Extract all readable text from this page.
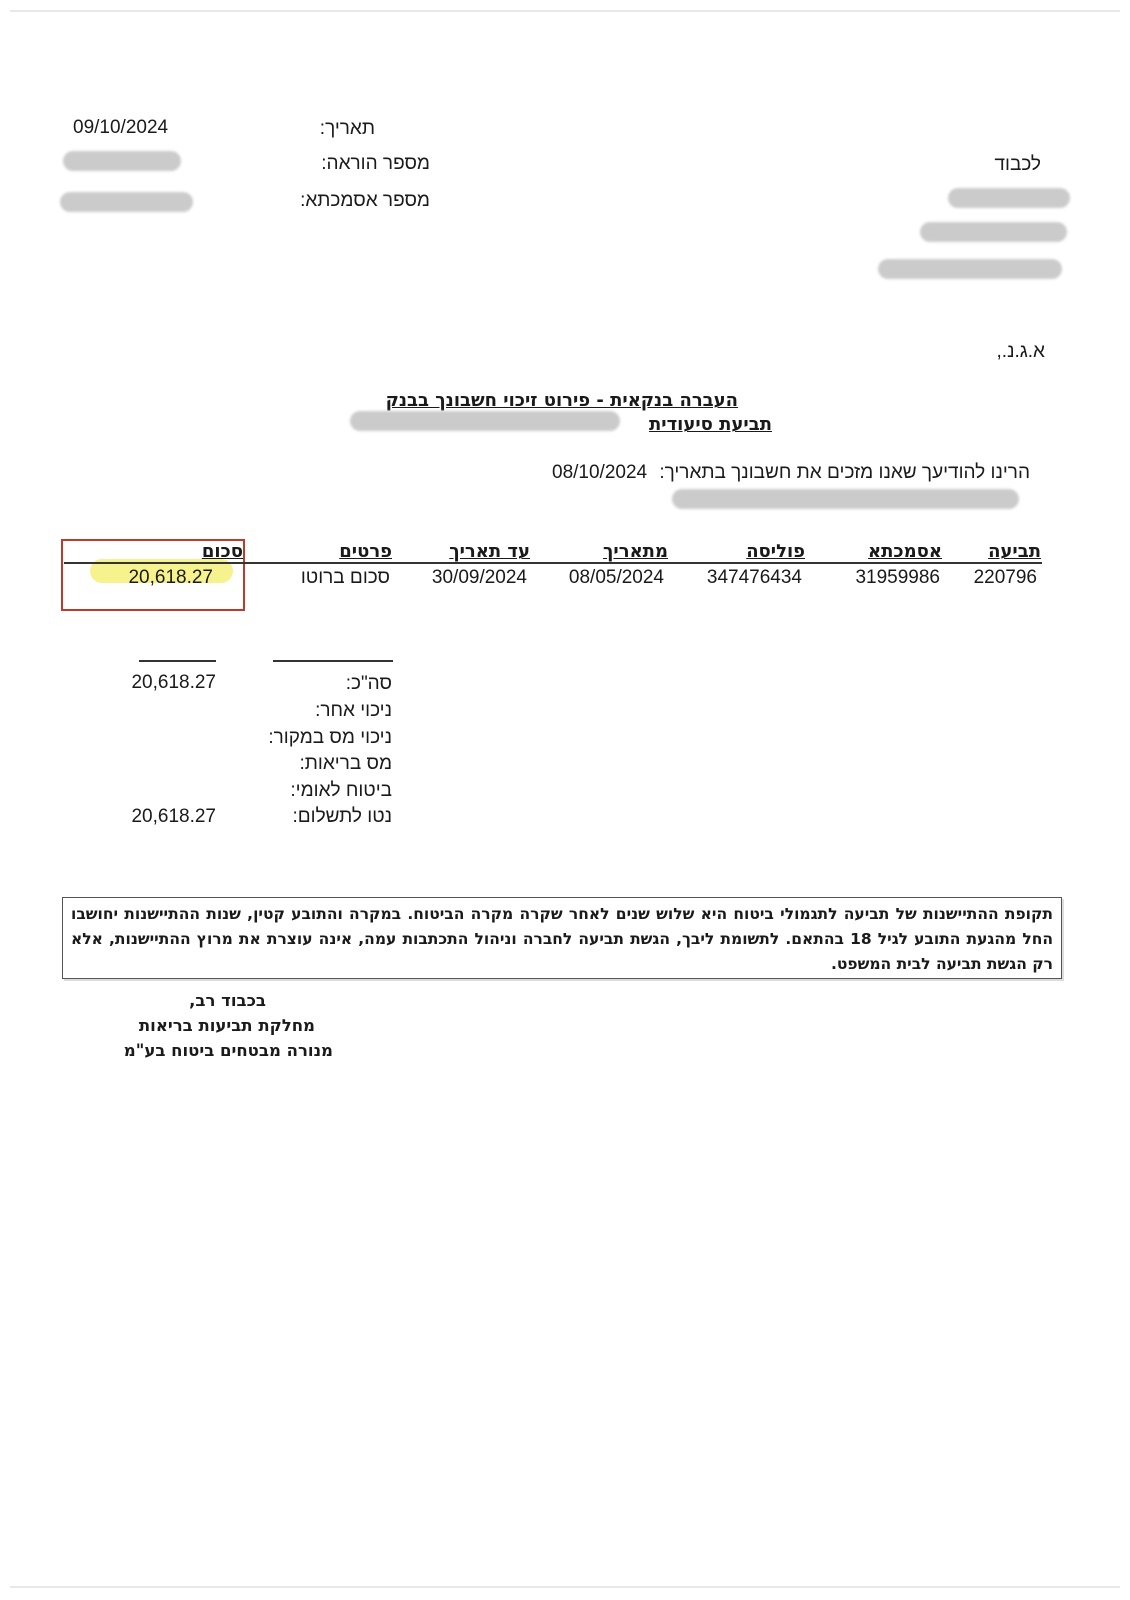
09/10/2024	תאריך:
מספר הוראה:
מספר אסמכתא:
לכבוד
א.ג.נ.,
העברה בנקאית - פירוט זיכוי חשבונך בבנק
תביעת סיעודית
הרינו להודיעך שאנו מזכים את חשבונך בתאריך:
08/10/2024
תביעה
אסמכתא
פוליסה
מתאריך
עד תאריך
פרטים
סכום
220796
31959986
347476434
08/05/2024
30/09/2024
סכום ברוטו
20,618.27
20,618.27	סה"כ:
ניכוי אחר:
ניכוי מס במקור:
מס בריאות:
ביטוח לאומי:
נטו לתשלום:
20,618.27
תקופת ההתיישנות של תביעה לתגמולי ביטוח היא שלוש שנים לאחר שקרה מקרה הביטוח. במקרה והתובע קטין, שנות ההתיישנות יחושבו החל מהגעת התובע לגיל 18 בהתאם. לתשומת ליבך, הגשת תביעה לחברה וניהול התכתבות עמה, אינה עוצרת את מרוץ ההתיישנות, אלא רק הגשת תביעה לבית המשפט.
בכבוד רב,
מחלקת תביעות בריאות
מנורה מבטחים ביטוח בע"מ
